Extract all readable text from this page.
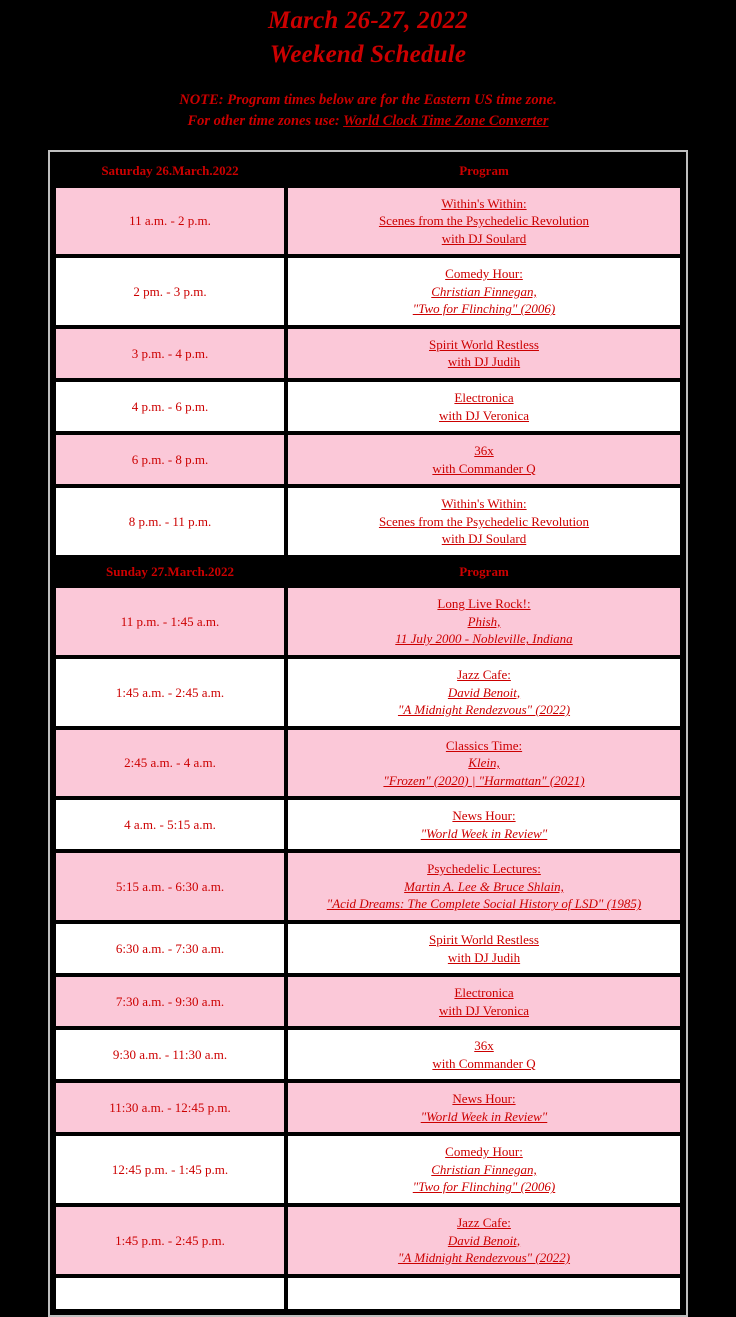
March 26-27, 2022
Weekend Schedule
NOTE: Program times below are for the Eastern US time zone.
For other time zones use: World Clock Time Zone Converter
Saturday 26.March.2022	Program
11 a.m. - 2 p.m.	Within's Within:
Scenes from the Psychedelic Revolution
with DJ Soulard

2 pm. - 3 p.m.	Comedy Hour:
Christian Finnegan,
"Two for Flinching" (2006)

3 p.m. - 4 p.m.	Spirit World Restless
with DJ Judih

4 p.m. - 6 p.m.	Electronica
with DJ Veronica

6 p.m. - 8 p.m.	36x
with Commander Q

8 p.m. - 11 p.m.	Within's Within:
Scenes from the Psychedelic Revolution
with DJ Soulard

Sunday 27.March.2022	Program
11 p.m. - 1:45 a.m.	Long Live Rock!:
Phish,
11 July 2000 - Nobleville, Indiana

1:45 a.m. - 2:45 a.m.	Jazz Cafe:
David Benoit,
"A Midnight Rendezvous" (2022)

2:45 a.m. - 4 a.m.	Classics Time:
Klein,
"Frozen" (2020) | "Harmattan" (2021)

4 a.m. - 5:15 a.m.	News Hour:
"World Week in Review"

5:15 a.m. - 6:30 a.m.	Psychedelic Lectures:
Martin A. Lee & Bruce Shlain,
"Acid Dreams: The Complete Social History of LSD" (1985)

6:30 a.m. - 7:30 a.m.	Spirit World Restless
with DJ Judih

7:30 a.m. - 9:30 a.m.	Electronica
with DJ Veronica

9:30 a.m. - 11:30 a.m.	36x
with Commander Q

11:30 a.m. - 12:45 p.m.	News Hour:
"World Week in Review"

12:45 p.m. - 1:45 p.m.	Comedy Hour:
Christian Finnegan,
"Two for Flinching" (2006)

1:45 p.m. - 2:45 p.m.	Jazz Cafe:
David Benoit,
"A Midnight Rendezvous" (2022)
